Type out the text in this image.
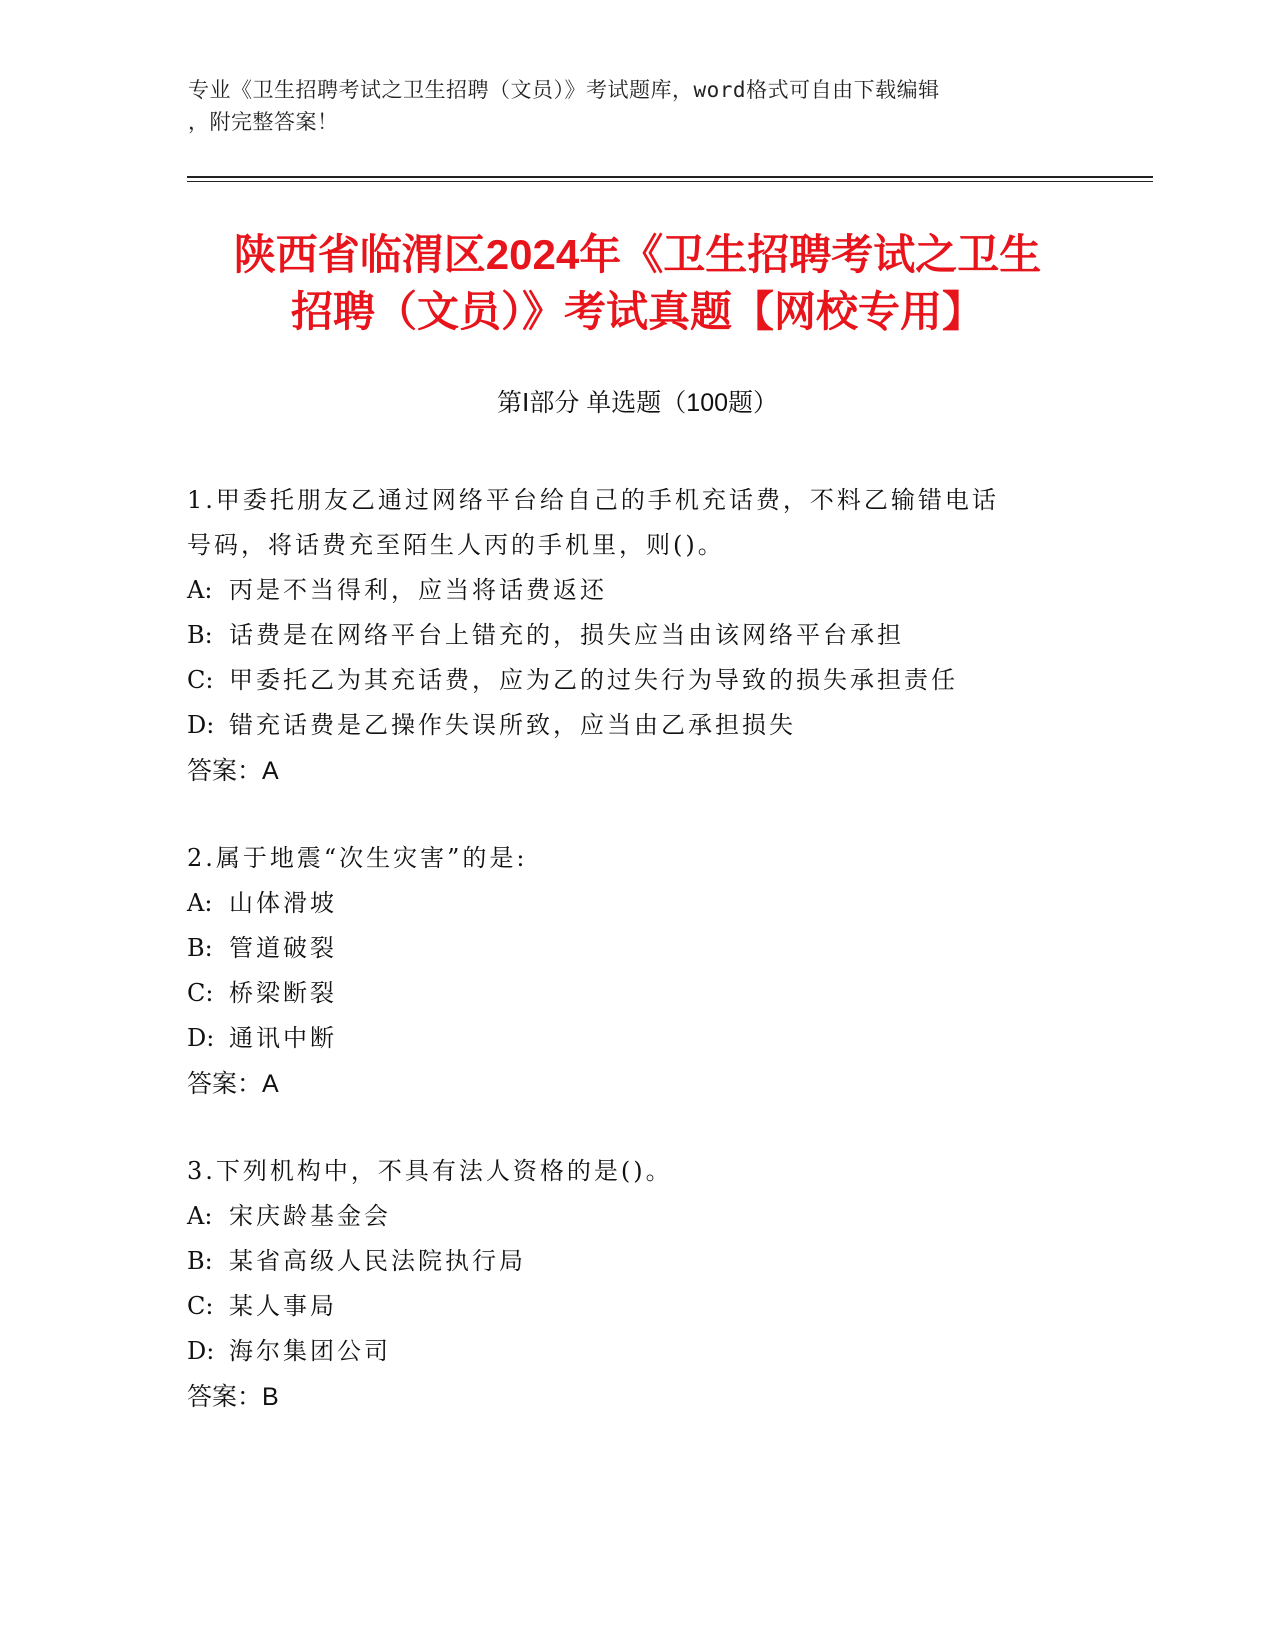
专业《卫生招聘考试之卫生招聘（文员）》考试题库，word格式可自由下载编辑
，附完整答案！
陕西省临渭区2024年《卫生招聘考试之卫生
招聘（文员）》考试真题【网校专用】
第Ⅰ部分 单选题（100题）
1.甲委托朋友乙通过网络平台给自己的手机充话费，不料乙输错电话
号码，将话费充至陌生人丙的手机里，则()。
A: 丙是不当得利，应当将话费返还
B: 话费是在网络平台上错充的，损失应当由该网络平台承担
C: 甲委托乙为其充话费，应为乙的过失行为导致的损失承担责任
D: 错充话费是乙操作失误所致，应当由乙承担损失
答案：A
2.属于地震“次生灾害”的是:
A: 山体滑坡
B: 管道破裂
C: 桥梁断裂
D: 通讯中断
答案：A
3.下列机构中，不具有法人资格的是()。
A: 宋庆龄基金会
B: 某省高级人民法院执行局
C: 某人事局
D: 海尔集团公司
答案：B
